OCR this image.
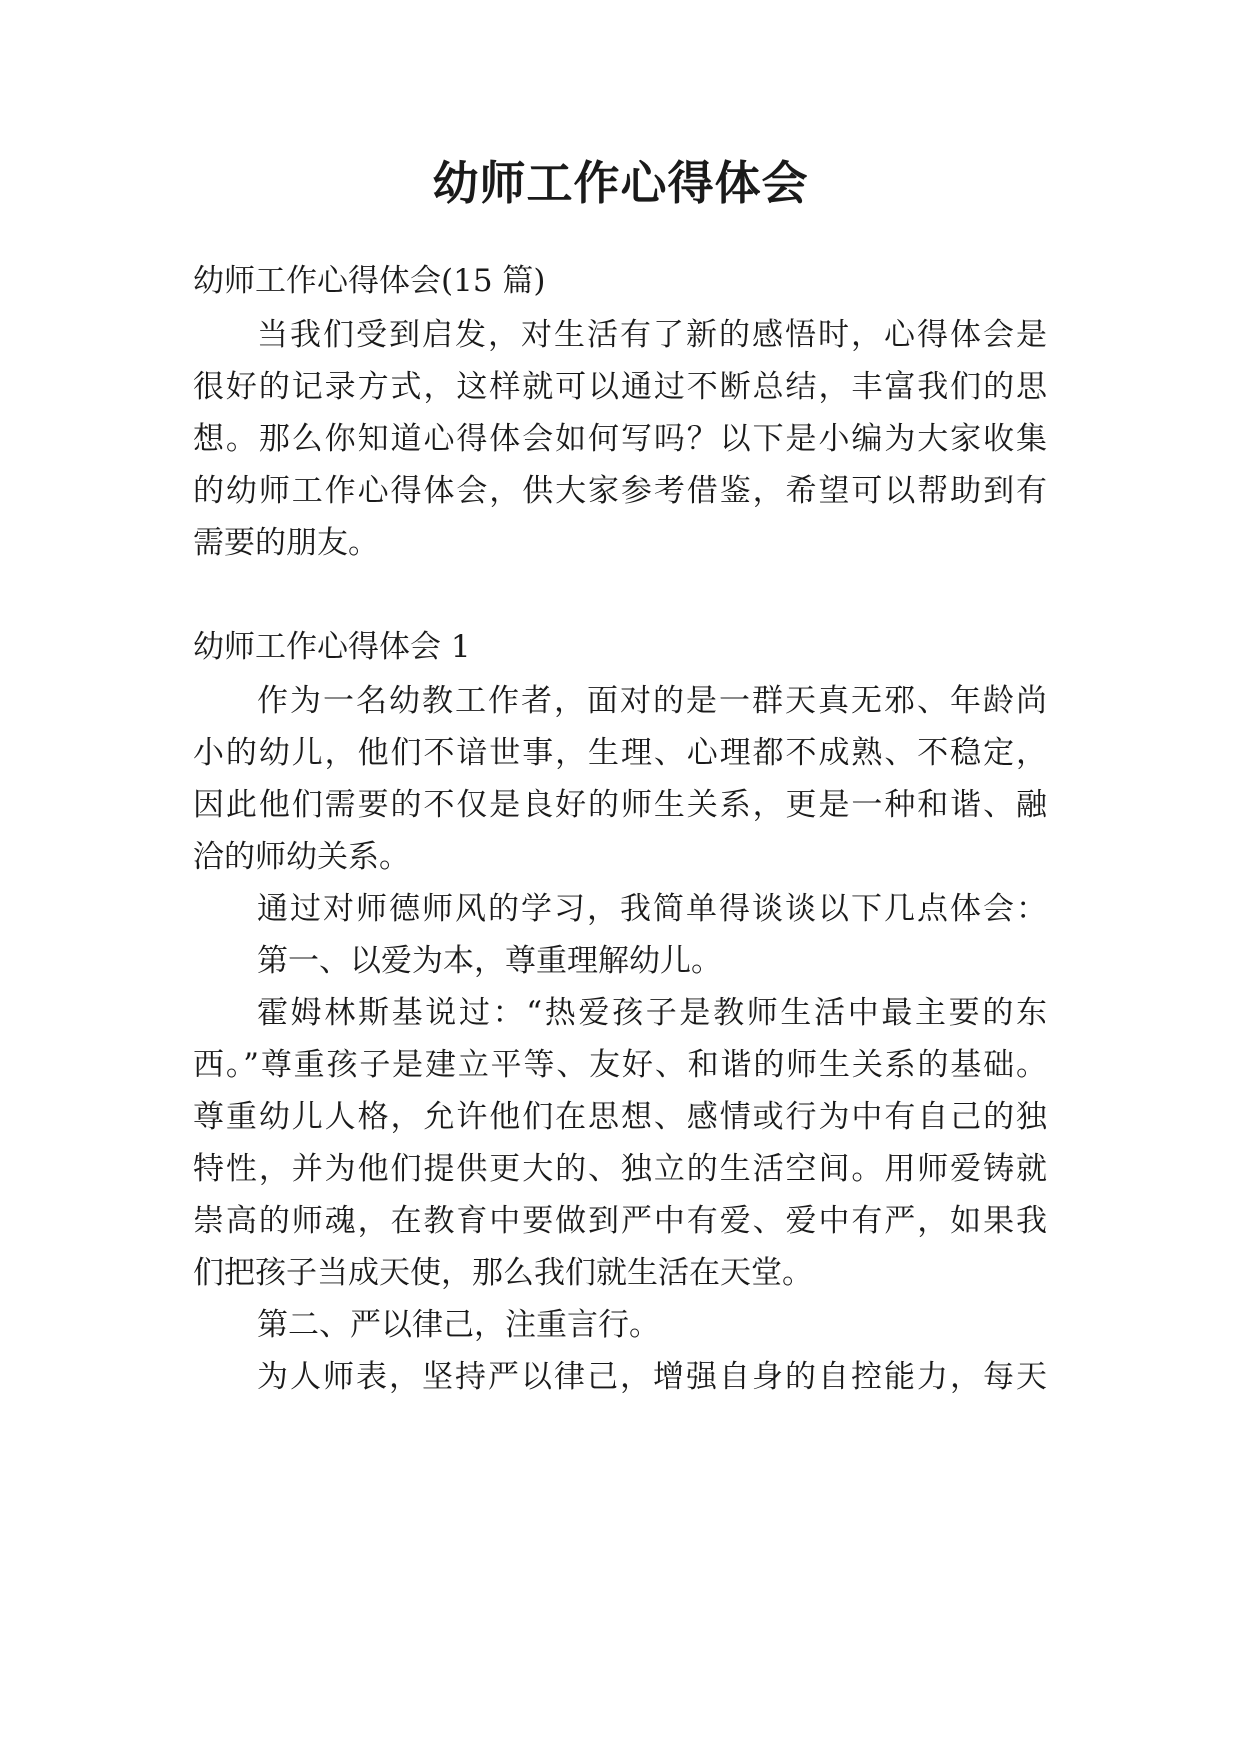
幼师工作心得体会
幼师工作心得体会(15 篇)
当我们受到启发，对生活有了新的感悟时，心得体会是
很好的记录方式，这样就可以通过不断总结，丰富我们的思
想。那么你知道心得体会如何写吗？以下是小编为大家收集
的幼师工作心得体会，供大家参考借鉴，希望可以帮助到有
需要的朋友。
幼师工作心得体会 1
作为一名幼教工作者，面对的是一群天真无邪、年龄尚
小的幼儿，他们不谙世事，生理、心理都不成熟、不稳定，
因此他们需要的不仅是良好的师生关系，更是一种和谐、融
洽的师幼关系。
通过对师德师风的学习，我简单得谈谈以下几点体会：
第一、以爱为本，尊重理解幼儿。
霍姆林斯基说过：“热爱孩子是教师生活中最主要的东
西。”尊重孩子是建立平等、友好、和谐的师生关系的基础。
尊重幼儿人格，允许他们在思想、感情或行为中有自己的独
特性，并为他们提供更大的、独立的生活空间。用师爱铸就
崇高的师魂，在教育中要做到严中有爱、爱中有严，如果我
们把孩子当成天使，那么我们就生活在天堂。
第二、严以律己，注重言行。
为人师表，坚持严以律己，增强自身的自控能力，每天
